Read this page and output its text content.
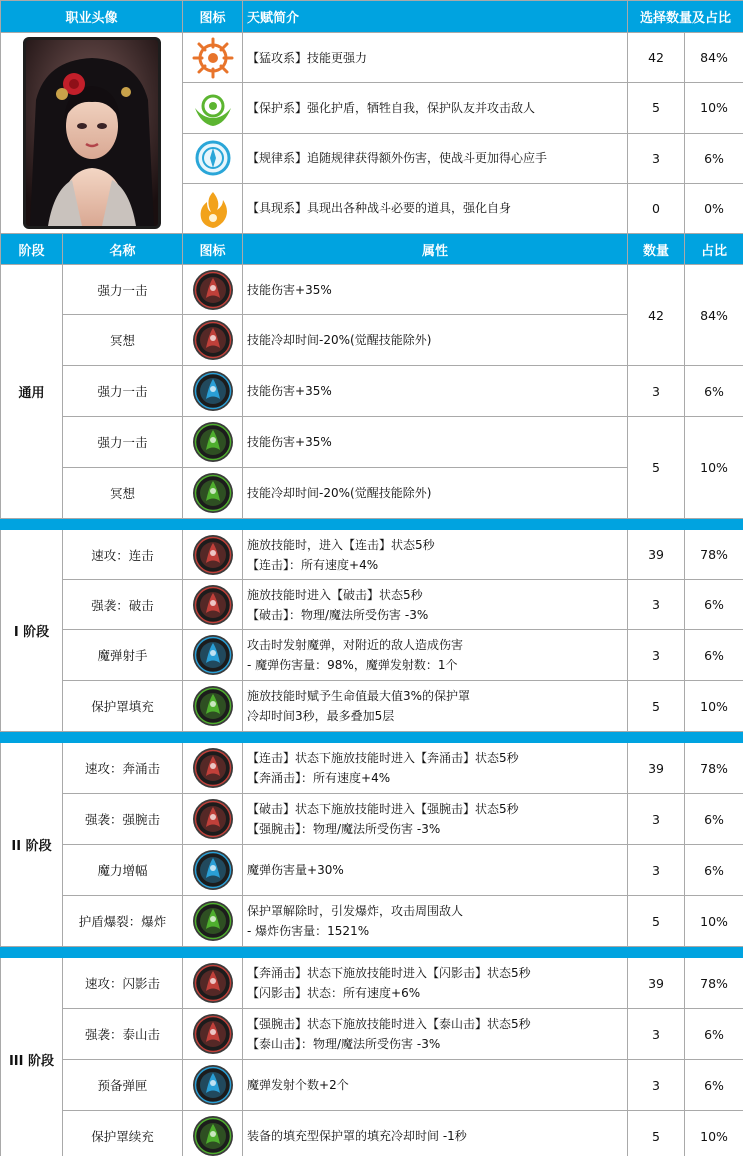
职业头像		图标	天赋简介	选择数量及占比	

	【猛攻系】技能更强力	42	84%

	【保护系】强化护盾，牺牲自我，保护队友并攻击敌人	5	10%

	【规律系】追随规律获得额外伤害，使战斗更加得心应手	3	6%

	【具现系】具现出各种战斗必要的道具，强化自身	0	0%
阶段	名称	图标	属性	数量	占比
通用	强力一击		技能伤害+35%	42	84%
	冥想		技能冷却时间-20%(觉醒技能除外)		

	强力一击		技能伤害+35%	3	6%
	强力一击		技能伤害+35%	5	10%
	冥想		技能冷却时间-20%(觉醒技能除外)		

I 阶段	速攻：连击		施放技能时，进入【连击】状态5秒
【连击】：所有速度+4%	39	78%
	强袭：破击		施放技能时进入【破击】状态5秒
【破击】：物理/魔法所受伤害 -3%	3	6%
	魔弹射手		攻击时发射魔弹，对附近的敌人造成伤害
- 魔弹伤害量：98%，魔弹发射数：1个	3	6%
	保护罩填充		施放技能时赋予生命值最大值3%的保护罩
冷却时间3秒，最多叠加5层	5	10%

II 阶段	速攻：奔涌击		【连击】状态下施放技能时进入【奔涌击】状态5秒
【奔涌击】：所有速度+4%	39	78%
	强袭：强腕击		【破击】状态下施放技能时进入【强腕击】状态5秒
【强腕击】：物理/魔法所受伤害 -3%	3	6%
	魔力增幅		魔弹伤害量+30%	3	6%
	护盾爆裂：爆炸		保护罩解除时，引发爆炸，攻击周围敌人
- 爆炸伤害量：1521%	5	10%

III 阶段	速攻：闪影击		【奔涌击】状态下施放技能时进入【闪影击】状态5秒
【闪影击】状态：所有速度+6%	39	78%
	强袭：泰山击		【强腕击】状态下施放技能时进入【泰山击】状态5秒
【泰山击】：物理/魔法所受伤害 -3%	3	6%
	预备弹匣		魔弹发射个数+2个	3	6%
	保护罩续充		装备的填充型保护罩的填充冷却时间 -1秒	5	10%
